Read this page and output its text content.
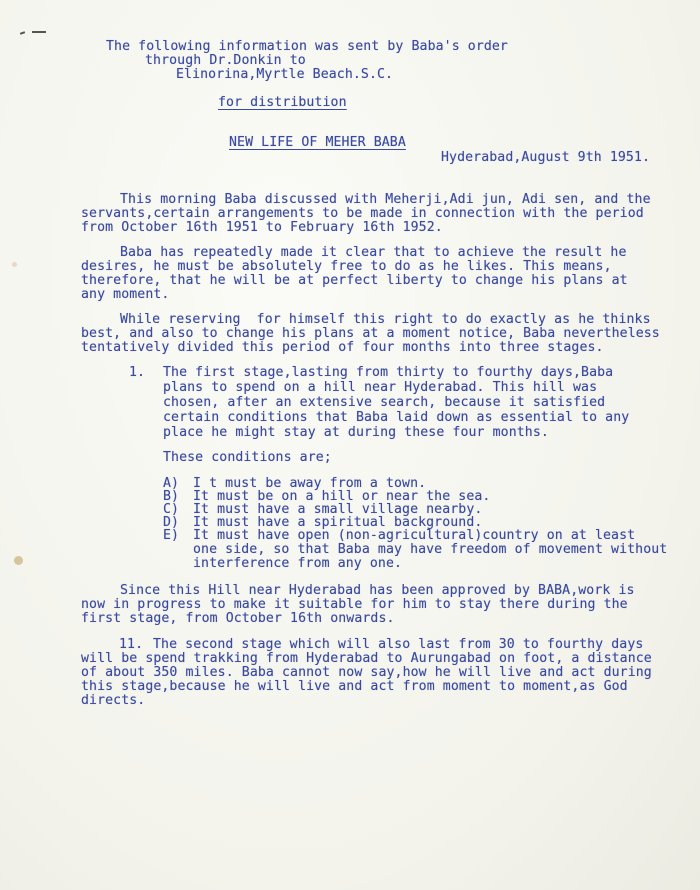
The following information was sent by Baba's order
through Dr.Donkin to
Elinorina,Myrtle Beach.S.C.
for distribution
NEW LIFE OF MEHER BABA
Hyderabad,August 9th 1951.
This morning Baba discussed with Meherji,Adi jun, Adi sen, and the
servants,certain arrangements to be made in connection with the period
from October 16th 1951 to February 16th 1952.
Baba has repeatedly made it clear that to achieve the result he
desires, he must be absolutely free to do as he likes. This means,
therefore, that he will be at perfect liberty to change his plans at
any moment.
While reserving  for himself this right to do exactly as he thinks
best, and also to change his plans at a moment notice, Baba nevertheless
tentatively divided this period of four months into three stages.
1. The first stage,lasting from thirty to fourthy days,Baba
plans to spend on a hill near Hyderabad. This hill was
chosen, after an extensive search, because it satisfied
certain conditions that Baba laid down as essential to any
place he might stay at during these four months.
These conditions are;
A) I t must be away from a town.
B) It must be on a hill or near the sea.
C) It must have a small village nearby.
D) It must have a spiritual background.
E) It must have open (non-agricultural)country on at least
one side, so that Baba may have freedom of movement without
interference from any one.
Since this Hill near Hyderabad has been approved by BABA,work is
now in progress to make it suitable for him to stay there during the
first stage, from October 16th onwards.
11. The second stage which will also last from 30 to fourthy days
will be spend trakking from Hyderabad to Aurungabad on foot, a distance
of about 350 miles. Baba cannot now say,how he will live and act during
this stage,because he will live and act from moment to moment,as God
directs.
